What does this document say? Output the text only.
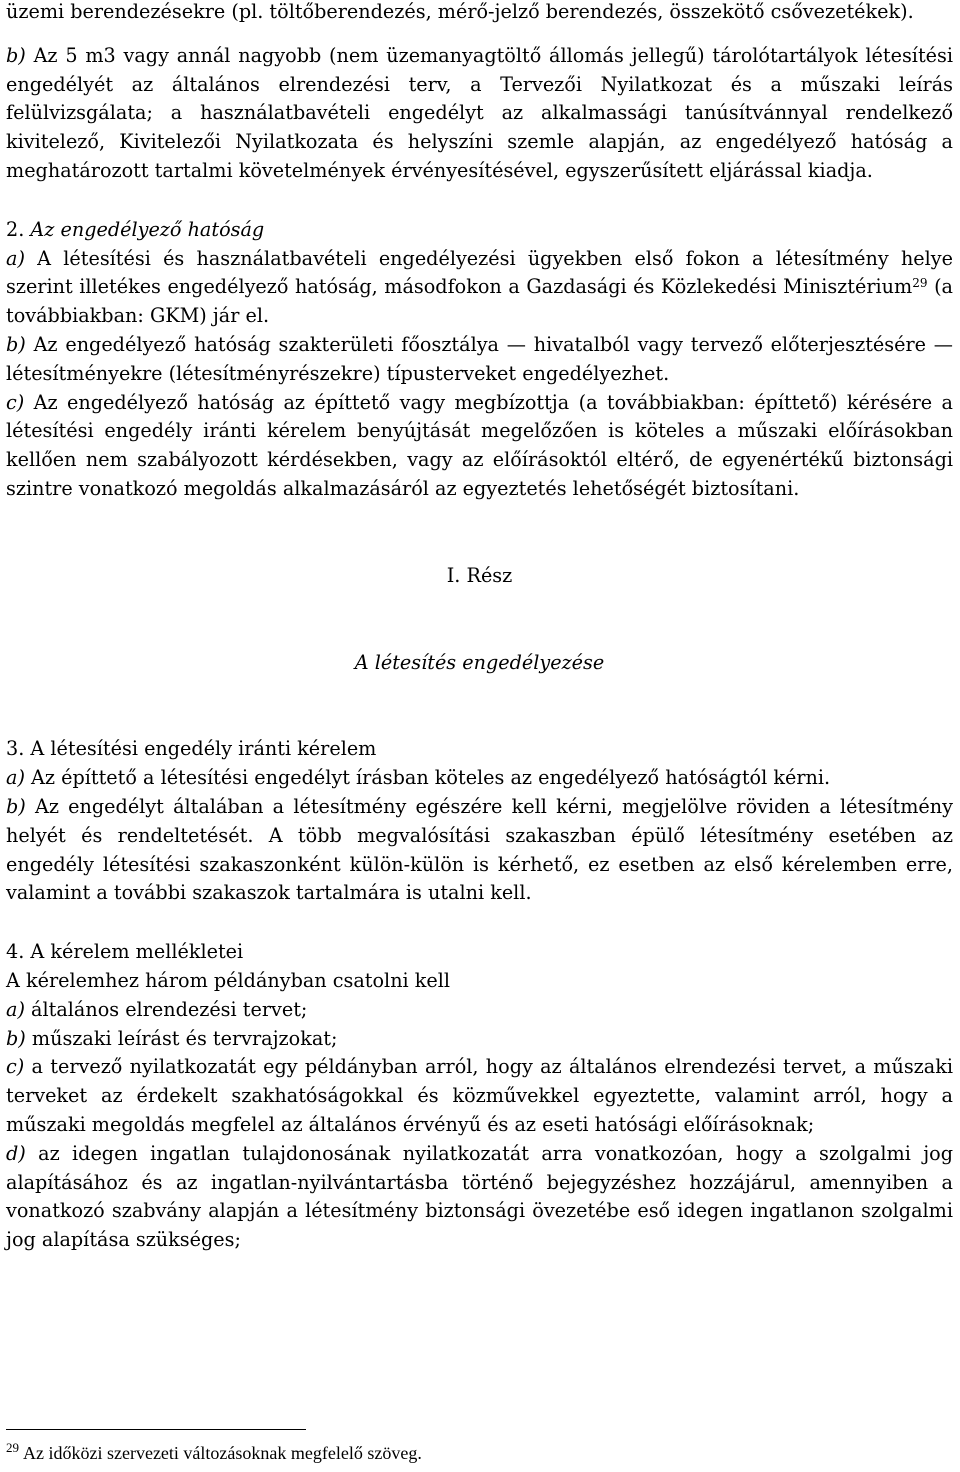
üzemi berendezésekre (pl. töltőberendezés, mérő-jelző berendezés, összekötő csővezetékek).

b) Az 5 m3 vagy annál nagyobb (nem üzemanyagtöltő állomás jellegű) tárolótartályok létesítési engedélyét az általános elrendezési terv, a Tervezői Nyilatkozat és a műszaki leírás felülvizsgálata; a használatbavételi engedélyt az alkalmassági tanúsítvánnyal rendelkező kivitelező, Kivitelezői Nyilatkozata és helyszíni szemle alapján, az engedélyező hatóság a meghatározott tartalmi követelmények érvényesítésével, egyszerűsített eljárással kiadja.

2. Az engedélyező hatóság

a) A létesítési és használatbavételi engedélyezési ügyekben első fokon a létesítmény helye szerint illetékes engedélyező hatóság, másodfokon a Gazdasági és Közlekedési Minisztérium$^{29}$ (a továbbiakban: GKM) jár el.

b) Az engedélyező hatóság szakterületi főosztálya — hivatalból vagy tervező előterjesztésére — létesítményekre (létesítményrészekre) típusterveket engedélyezhet.

c) Az engedélyező hatóság az építtető vagy megbízottja (a továbbiakban: építtető) kérésére a létesítési engedély iránti kérelem benyújtását megelőzően is köteles a műszaki előírásokban kellően nem szabályozott kérdésekben, vagy az előírásoktól eltérő, de egyenértékű biztonsági szintre vonatkozó megoldás alkalmazásáról az egyeztetés lehetőségét biztosítani.

I. Rész
A létesítés engedélyezése
3. A létesítési engedély iránti kérelem

a) Az építtető a létesítési engedélyt írásban köteles az engedélyező hatóságtól kérni.

b) Az engedélyt általában a létesítmény egészére kell kérni, megjelölve röviden a létesítmény helyét és rendeltetését. A több megvalósítási szakaszban épülő létesítmény esetében az engedély létesítési szakaszonként külön-külön is kérhető, ez esetben az első kérelemben erre, valamint a további szakaszok tartalmára is utalni kell.

4. A kérelem mellékletei

A kérelemhez három példányban csatolni kell

a) általános elrendezési tervet;

b) műszaki leírást és tervrajzokat;

c) a tervező nyilatkozatát egy példányban arról, hogy az általános elrendezési tervet, a műszaki terveket az érdekelt szakhatóságokkal és közművekkel egyeztette, valamint arról, hogy a műszaki megoldás megfelel az általános érvényű és az eseti hatósági előírásoknak;

d) az idegen ingatlan tulajdonosának nyilatkozatát arra vonatkozóan, hogy a szolgalmi jog alapításához és az ingatlan-nyilvántartásba történő bejegyzéshez hozzájárul, amennyiben a vonatkozó szabvány alapján a létesítmény biztonsági övezetébe eső idegen ingatlanon szolgalmi jog alapítása szükséges;

$^{29}$ Az időközi szervezeti változásoknak megfelelő szöveg.
